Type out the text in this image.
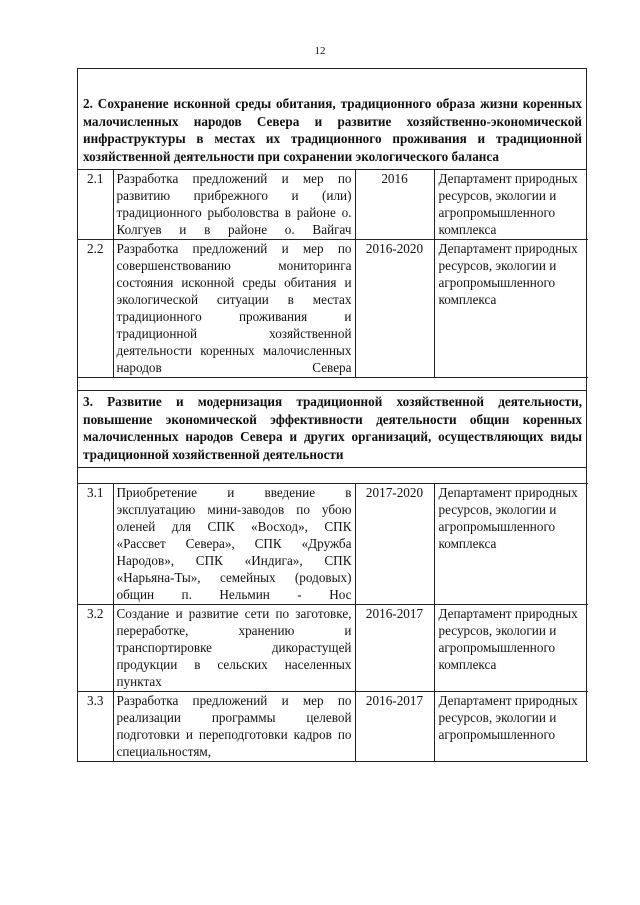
12
2. Сохранение исконной среды обитания, традиционного образа жизни коренных малочисленных народов Севера и развитие хозяйственно-экономической инфраструктуры в местах их традиционного проживания и традиционной хозяйственной деятельности при сохранении экологического баланса
2.1	Разработка предложений и мер по развитию прибрежного и (или) традиционного рыболовства в районе о. Колгуев и в районе о. Вайгач	2016	Департамент природных ресурсов, экологии и агропромышленного комплекса
2.2	Разработка предложений и мер по совершенствованию мониторинга состояния исконной среды обитания и экологической ситуации в местах традиционного проживания и традиционной хозяйственной деятельности коренных малочисленных народов Севера	2016-2020	Департамент природных ресурсов, экологии и агропромышленного комплекса
3. Развитие и модернизация традиционной хозяйственной деятельности, повышение экономической эффективности деятельности общин коренных малочисленных народов Севера и других организаций, осуществляющих виды традиционной хозяйственной деятельности

3.1	Приобретение и введение в эксплуатацию мини-заводов по убою оленей для СПК «Восход», СПК «Рассвет Севера», СПК «Дружба Народов», СПК «Индига», СПК «Нарьяна-Ты», семейных (родовых) общин п. Нельмин - Нос	2017-2020	Департамент природных ресурсов, экологии и агропромышленного комплекса
3.2	Создание и развитие сети по заготовке, переработке, хранению и транспортировке дикорастущей продукции в сельских населенных пунктах	2016-2017	Департамент природных ресурсов, экологии и агропромышленного комплекса
3.3	Разработка предложений и мер по реализации программы целевой подготовки и переподготовки кадров по специальностям,	2016-2017	Департамент природных ресурсов, экологии и агропромышленного
